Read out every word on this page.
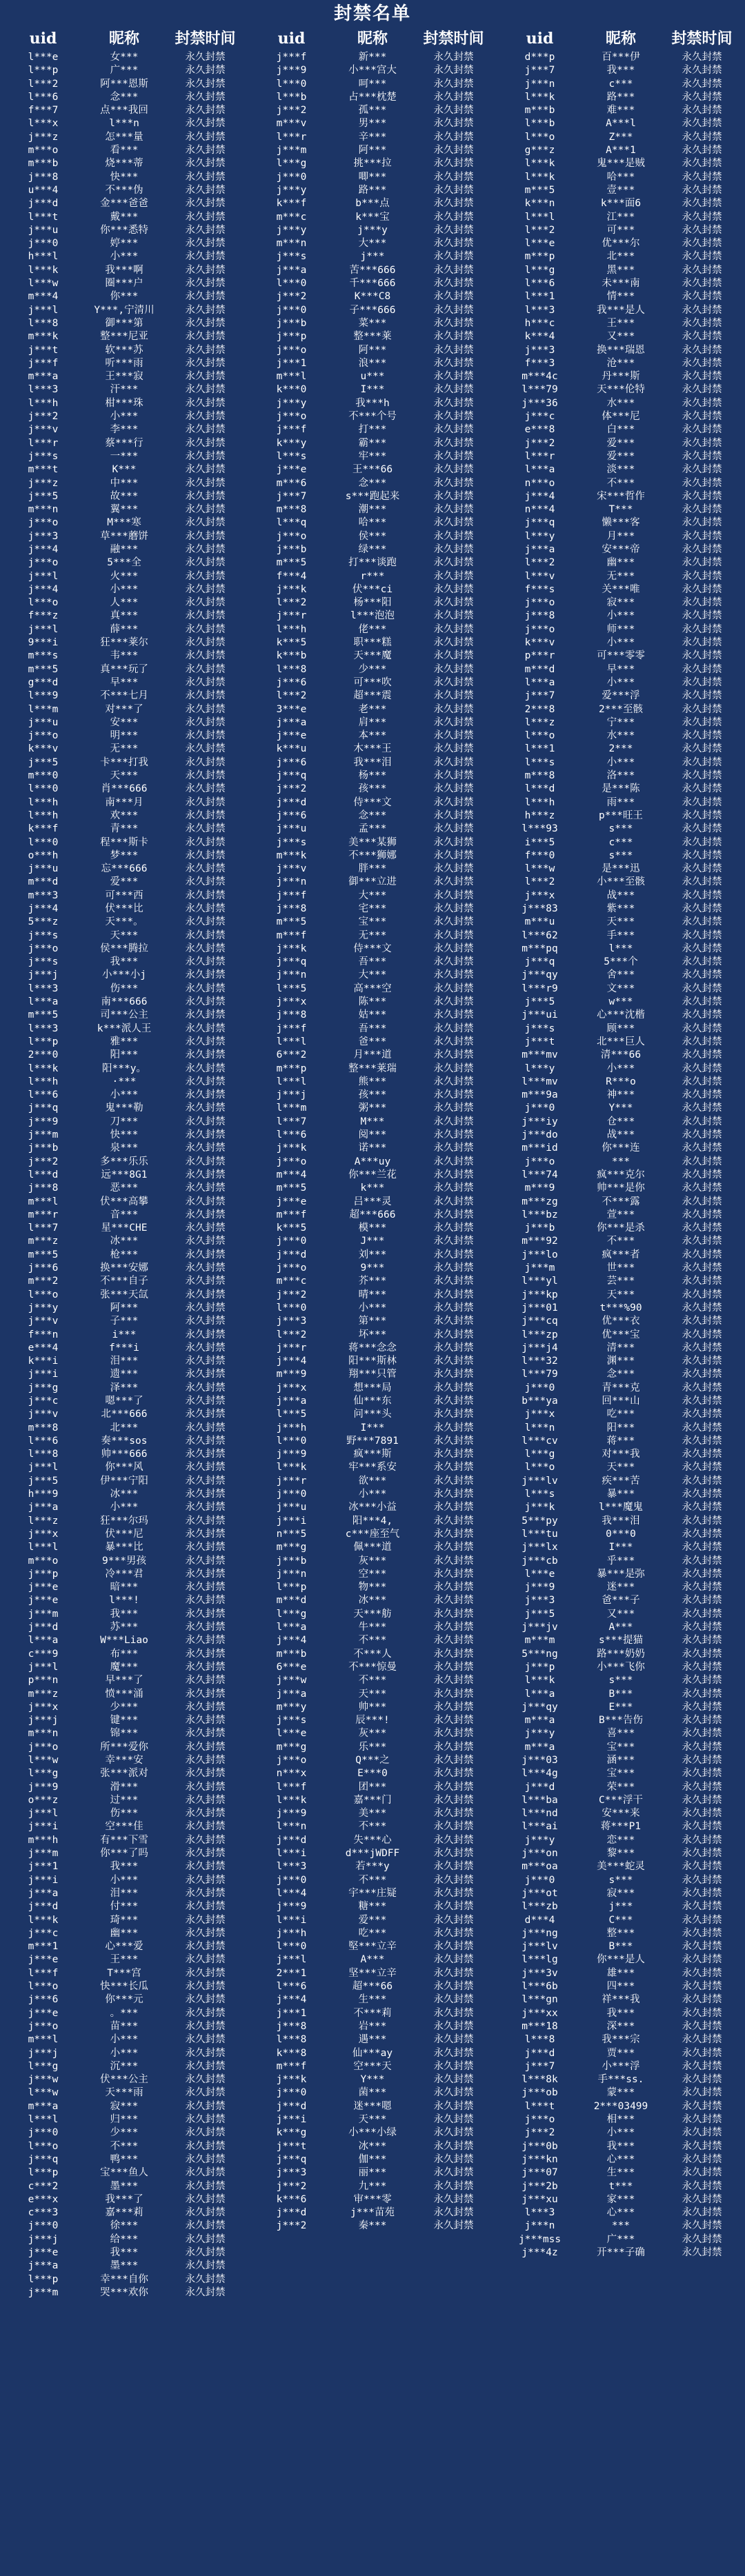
封禁名单
uid	昵称	封禁时间
l***e	女***	永久封禁
l***p	广***	永久封禁
l***2	阿***恩斯	永久封禁
l***6	念***	永久封禁
f***7	点***我回	永久封禁
l***x	l***n	永久封禁
j***z	怎***量	永久封禁
m***o	看***	永久封禁
m***b	烧***蒂	永久封禁
j***8	快***	永久封禁
u***4	不***伪	永久封禁
j***d	金***爸爸	永久封禁
l***t	戴***	永久封禁
j***u	你***悉特	永久封禁
j***0	婷***	永久封禁
h***l	小***	永久封禁
l***k	我***啊	永久封禁
l***w	圈***户	永久封禁
m***4	你***	永久封禁
j***l	Y***,宁清川	永久封禁
l***8	御***第	永久封禁
m***k	整***尼亚	永久封禁
j***t	软***苏	永久封禁
j***f	听***雨	永久封禁
m***a	王***寂	永久封禁
l***3	汗***	永久封禁
l***h	柑***珠	永久封禁
j***2	小***	永久封禁
j***v	李***	永久封禁
l***r	蔡***行	永久封禁
j***s	一***	永久封禁
m***t	K***	永久封禁
j***z	中***	永久封禁
j***5	故***	永久封禁
m***n	翼***	永久封禁
j***o	M***寒	永久封禁
j***3	草***蘑饼	永久封禁
j***4	融***	永久封禁
j***o	5***全	永久封禁
j***l	火***	永久封禁
j***4	小***	永久封禁
l***o	人***	永久封禁
f***z	真***	永久封禁
j***l	薛***	永久封禁
9***i	狂***莱尔	永久封禁
m***s	韦***	永久封禁
m***5	真***玩了	永久封禁
g***d	早***	永久封禁
l***9	不***七月	永久封禁
l***m	对***了	永久封禁
j***u	安***	永久封禁
j***o	明***	永久封禁
k***v	无***	永久封禁
j***5	卡***打我	永久封禁
m***0	天***	永久封禁
l***0	肖***666	永久封禁
l***h	南***月	永久封禁
l***h	欢***	永久封禁
k***f	青***	永久封禁
l***0	程***斯卡	永久封禁
o***h	梦***	永久封禁
j***u	忘***666	永久封禁
m***d	爱***	永久封禁
m***3	可***西	永久封禁
j***4	伏***比	永久封禁
5***z	天***。	永久封禁
j***s	天***	永久封禁
j***o	侯***腾拉	永久封禁
j***s	我***	永久封禁
j***j	小***小j	永久封禁
l***3	伤***	永久封禁
l***a	南***666	永久封禁
m***5	司***公主	永久封禁
l***3	k***派人王	永久封禁
l***p	雅***	永久封禁
2***0	阳***	永久封禁
l***k	阳***y。	永久封禁
l***h	·***	永久封禁
l***6	小***	永久封禁
j***q	鬼***勒	永久封禁
j***9	刀***	永久封禁
j***m	快***	永久封禁
j***b	泉***	永久封禁
j***2	多***乐乐	永久封禁
l***d	远***8G1	永久封禁
j***8	恶***	永久封禁
m***l	伏***高攀	永久封禁
m***r	音***	永久封禁
l***7	星***CHE	永久封禁
m***z	冰***	永久封禁
m***5	枪***	永久封禁
j***6	换***安娜	永久封禁
m***2	不***自子	永久封禁
l***o	张***天氙	永久封禁
j***y	阿***	永久封禁
j***v	子***	永久封禁
f***n	i***	永久封禁
e***4	f***i	永久封禁
k***i	泪***	永久封禁
j***i	遗***	永久封禁
j***g	泽***	永久封禁
j***c	嗯***了	永久封禁
j***v	北***666	永久封禁
m***8	北***	永久封禁
l***6	奏***sos	永久封禁
l***8	帅***666	永久封禁
j***l	你***风	永久封禁
j***5	伊***宁阳	永久封禁
h***9	冰***	永久封禁
j***a	小***	永久封禁
l***z	狂***尔玛	永久封禁
j***x	伏***尼	永久封禁
l***l	暴***比	永久封禁
m***o	9***男孩	永久封禁
j***p	冷***君	永久封禁
j***e	暗***	永久封禁
j***e	l***!	永久封禁
j***m	我***	永久封禁
j***d	苏***	永久封禁
l***a	W***Liao	永久封禁
c***9	布***	永久封禁
j***l	魔***	永久封禁
p***n	早***了	永久封禁
m***z	愤***涌	永久封禁
j***x	少***	永久封禁
j***j	键***	永久封禁
m***n	锦***	永久封禁
j***o	所***爱你	永久封禁
l***w	幸***安	永久封禁
l***g	张***派对	永久封禁
j***9	滑***	永久封禁
o***z	过***	永久封禁
j***l	伤***	永久封禁
j***i	空***佳	永久封禁
m***h	有***下雪	永久封禁
j***m	你***了吗	永久封禁
j***1	我***	永久封禁
j***i	小***	永久封禁
j***a	泪***	永久封禁
j***d	付***	永久封禁
l***k	琦***	永久封禁
j***c	幽***	永久封禁
m***1	心***爱	永久封禁
j***e	王***	永久封禁
l***f	T***宫	永久封禁
l***o	快***长瓜	永久封禁
j***6	你***元	永久封禁
j***e	。***	永久封禁
j***o	苗***	永久封禁
m***l	小***	永久封禁
j***j	小***	永久封禁
l***g	沉***	永久封禁
j***w	伏***公主	永久封禁
l***w	天***雨	永久封禁
m***a	寂***	永久封禁
l***l	归***	永久封禁
j***0	少***	永久封禁
l***o	不***	永久封禁
j***q	鸭***	永久封禁
l***p	宝***鱼人	永久封禁
c***2	墨***	永久封禁
e***x	我***了	永久封禁
c***3	嘉***莉	永久封禁
j***0	徐***	永久封禁
j***j	给***	永久封禁
j***e	我***	永久封禁
j***a	墨***	永久封禁
l***p	幸***自你	永久封禁
j***m	哭***欢你	永久封禁
uid	昵称	封禁时间
j***f	新***	永久封禁
j***9	小***宫大	永久封禁
l***0	呵***	永久封禁
l***b	占***枕楚	永久封禁
j***2	孤***	永久封禁
m***v	男***	永久封禁
l***r	辛***	永久封禁
j***m	阿***	永久封禁
l***g	挑***拉	永久封禁
j***0	唧***	永久封禁
j***y	路***	永久封禁
k***f	b***点	永久封禁
m***c	k***宝	永久封禁
j***y	j***y	永久封禁
m***n	大***	永久封禁
j***s	j***	永久封禁
j***a	苦***666	永久封禁
l***0	千***666	永久封禁
j***2	K***C8	永久封禁
j***0	子***666	永久封禁
j***b	菜***	永久封禁
j***p	整***莱	永久封禁
j***o	阿***	永久封禁
j***1	浪***	永久封禁
m***l	u***	永久封禁
k***0	I***	永久封禁
j***y	我***h	永久封禁
j***o	不***个号	永久封禁
j***f	打***	永久封禁
k***y	霸***	永久封禁
l***s	牢***	永久封禁
j***e	王***66	永久封禁
m***6	念***	永久封禁
j***7	s***跑起来	永久封禁
m***8	潮***	永久封禁
l***q	哈***	永久封禁
j***o	侯***	永久封禁
j***b	绿***	永久封禁
m***5	打***谈跑	永久封禁
f***4	r***	永久封禁
j***k	伏***ci	永久封禁
l***2	杨***阳	永久封禁
j***r	l***泡泡	永久封禁
l***h	佬***	永久封禁
k***5	职***糕	永久封禁
k***b	天***魔	永久封禁
l***8	少***	永久封禁
j***6	可***吹	永久封禁
l***2	超***震	永久封禁
3***e	老***	永久封禁
j***a	肩***	永久封禁
j***e	本***	永久封禁
k***u	木***王	永久封禁
j***6	我***泪	永久封禁
j***q	杨***	永久封禁
j***2	孩***	永久封禁
j***d	侍***文	永久封禁
j***6	念***	永久封禁
j***u	孟***	永久封禁
j***s	美***某狮	永久封禁
m***k	不***狮娜	永久封禁
j***v	胖***	永久封禁
j***n	御***立进	永久封禁
j***f	大***	永久封禁
j***8	宅***	永久封禁
m***5	宝***	永久封禁
m***f	无***	永久封禁
j***k	侍***文	永久封禁
j***q	吾***	永久封禁
j***n	大***	永久封禁
l***5	高***空	永久封禁
j***x	陈***	永久封禁
j***8	姑***	永久封禁
j***f	吾***	永久封禁
l***l	爸***	永久封禁
6***2	月***道	永久封禁
m***p	整***莱瑞	永久封禁
l***l	熊***	永久封禁
j***j	孩***	永久封禁
l***m	粥***	永久封禁
l***7	M***	永久封禁
l***6	阅***	永久封禁
j***k	诺***	永久封禁
j***o	A***uy	永久封禁
m***4	你***兰花	永久封禁
m***5	k***	永久封禁
j***e	吕***灵	永久封禁
m***f	超***666	永久封禁
k***5	模***	永久封禁
j***0	J***	永久封禁
j***d	刘***	永久封禁
j***o	9***	永久封禁
m***c	芥***	永久封禁
j***2	晴***	永久封禁
l***0	小***	永久封禁
j***3	第***	永久封禁
l***2	坏***	永久封禁
j***r	蒋***念念	永久封禁
j***4	阳***斯林	永久封禁
m***9	翔***只管	永久封禁
j***x	想***局	永久封禁
j***a	仙***东	永久封禁
l***5	问***头	永久封禁
j***h	I***	永久封禁
l***0	野***7891	永久封禁
j***9	疯***斯	永久封禁
l***k	牢***系安	永久封禁
j***r	欲***	永久封禁
j***0	小***	永久封禁
j***u	冰***小益	永久封禁
j***i	阳***4,	永久封禁
n***5	c***座至气	永久封禁
m***g	佩***道	永久封禁
j***b	灰***	永久封禁
j***n	空***	永久封禁
l***p	物***	永久封禁
m***d	冰***	永久封禁
l***g	天***舫	永久封禁
l***a	牛***	永久封禁
j***4	不***	永久封禁
m***b	不***人	永久封禁
6***e	不***惊曼	永久封禁
j***w	不***	永久封禁
j***a	天***	永久封禁
m***y	帅***	永久封禁
j***s	辰***!	永久封禁
l***e	灰***	永久封禁
m***g	乐***	永久封禁
j***o	Q***之	永久封禁
n***x	E***0	永久封禁
l***f	团***	永久封禁
l***k	嘉***门	永久封禁
j***9	美***	永久封禁
l***n	不***	永久封禁
j***d	失***心	永久封禁
l***i	d***jWDFF	永久封禁
l***3	若***y	永久封禁
j***0	不***	永久封禁
l***4	宇***庄疑	永久封禁
j***9	糖***	永久封禁
l***i	爱***	永久封禁
j***h	吃***	永久封禁
l***0	堅***立辛	永久封禁
j***l	A***	永久封禁
2***1	坚***立辛	永久封禁
l***6	超***66	永久封禁
j***4	生***	永久封禁
j***1	不***莉	永久封禁
j***8	岩***	永久封禁
l***8	遇***	永久封禁
k***8	仙***ay	永久封禁
m***f	空***天	永久封禁
j***k	Y***	永久封禁
j***0	菌***	永久封禁
j***d	迷***嗯	永久封禁
j***i	天***	永久封禁
k***g	小***小绿	永久封禁
j***t	冰***	永久封禁
j***q	伽***	永久封禁
j***3	丽***	永久封禁
j***2	九***	永久封禁
k***6	审***零	永久封禁
j***d	j***苗苑	永久封禁
j***2	秦***	永久封禁
uid	昵称	封禁时间
d***p	百***伊	永久封禁
j***7	我***	永久封禁
j***n	c***	永久封禁
l***k	路***	永久封禁
m***b	难***	永久封禁
l***b	A***l	永久封禁
l***o	Z***	永久封禁
g***z	A***1	永久封禁
l***k	鬼***是贼	永久封禁
l***k	哈***	永久封禁
m***5	壹***	永久封禁
k***n	k***面6	永久封禁
l***l	江***	永久封禁
l***2	可***	永久封禁
l***e	优***尔	永久封禁
m***p	北***	永久封禁
l***g	黑***	永久封禁
l***6	未***南	永久封禁
l***1	情***	永久封禁
l***3	我***是人	永久封禁
h***c	王***	永久封禁
k***4	又***	永久封禁
j***3	换***瑞恩	永久封禁
f***3	沧***	永久封禁
m***4c	丹***斯	永久封禁
l***79	天***伦特	永久封禁
j***36	水***	永久封禁
j***c	体***尼	永久封禁
e***8	白***	永久封禁
j***2	爱***	永久封禁
l***r	爱***	永久封禁
l***a	淡***	永久封禁
n***o	不***	永久封禁
j***4	宋***哲作	永久封禁
n***4	T***	永久封禁
j***q	懒***客	永久封禁
l***y	月***	永久封禁
j***a	安***帝	永久封禁
l***2	幽***	永久封禁
l***v	无***	永久封禁
f***s	关***唯	永久封禁
j***o	寂***	永久封禁
j***8	小***	永久封禁
j***o	师***	永久封禁
k***v	小***	永久封禁
p***r	可***零零	永久封禁
m***d	早***	永久封禁
l***a	小***	永久封禁
j***7	爱***浮	永久封禁
2***8	2***至骸	永久封禁
l***z	宁***	永久封禁
l***o	水***	永久封禁
l***1	2***	永久封禁
l***s	小***	永久封禁
m***8	洛***	永久封禁
l***d	是***陈	永久封禁
l***h	雨***	永久封禁
h***z	p***旺王	永久封禁
l***93	s***	永久封禁
i***5	c***	永久封禁
f***0	s***	永久封禁
l***w	是***迅	永久封禁
l***2	小***至骸	永久封禁
j***x	战***	永久封禁
j***83	紫***	永久封禁
m***u	天***	永久封禁
l***62	手***	永久封禁
m***pq	l***	永久封禁
j***q	5***个	永久封禁
j***qy	舍***	永久封禁
l***r9	文***	永久封禁
j***5	w***	永久封禁
j***ui	心***沈楷	永久封禁
j***s	顾***	永久封禁
j***t	北***巨人	永久封禁
m***mv	清***66	永久封禁
l***y	小***	永久封禁
l***mv	R***o	永久封禁
m***9a	神***	永久封禁
j***0	Y***	永久封禁
j***iy	仓***	永久封禁
j***do	战***	永久封禁
m***id	你***连	永久封禁
j***o	***	永久封禁
l***74	疯***克尔	永久封禁
m***9	帅***是你	永久封禁
m***zg	不***露	永久封禁
l***bz	萱***	永久封禁
j***b	你***是杀	永久封禁
m***92	不***	永久封禁
j***lo	疯***者	永久封禁
j***m	世***	永久封禁
l***yl	芸***	永久封禁
j***kp	天***	永久封禁
j***01	t***%90	永久封禁
j***cq	优***衣	永久封禁
l***zp	优***宝	永久封禁
j***j4	清***	永久封禁
l***32	渊***	永久封禁
l***79	念***	永久封禁
j***0	青***克	永久封禁
b***ya	回***山	永久封禁
j***x	吃***	永久封禁
l***n	阳***	永久封禁
l***cv	蒋***	永久封禁
l***g	对***我	永久封禁
l***o	天***	永久封禁
j***lv	疾***苦	永久封禁
l***s	暴***	永久封禁
j***k	l***魔鬼	永久封禁
5***py	我***泪	永久封禁
l***tu	0***0	永久封禁
j***lx	I***	永久封禁
j***cb	乎***	永久封禁
l***e	暴***是弥	永久封禁
j***9	迷***	永久封禁
j***3	爸***子	永久封禁
j***5	又***	永久封禁
j***jv	A***	永久封禁
m***m	s***提猫	永久封禁
5***ng	路***奶奶	永久封禁
j***p	小***飞你	永久封禁
l***k	s***	永久封禁
l***a	B***	永久封禁
j***qy	E***	永久封禁
m***a	B***告伤	永久封禁
j***y	喜***	永久封禁
m***a	宝***	永久封禁
j***03	涵***	永久封禁
l***4g	宝***	永久封禁
j***d	荣***	永久封禁
l***ba	C***浮干	永久封禁
l***nd	安***来	永久封禁
l***ai	蒋***P1	永久封禁
j***y	恋***	永久封禁
j***on	黎***	永久封禁
m***oa	美***蛇灵	永久封禁
j***0	s***	永久封禁
j***ot	寂***	永久封禁
l***zb	j***	永久封禁
d***4	C***	永久封禁
j***ng	整***	永久封禁
j***lv	B***	永久封禁
l***lg	你***是人	永久封禁
j***3v	雄***	永久封禁
l***6b	四***	永久封禁
l***gn	祥***我	永久封禁
j***xx	我***	永久封禁
m***18	深***	永久封禁
l***8	我***宗	永久封禁
j***d	贾***	永久封禁
j***7	小***浮	永久封禁
l***8k	手***ss.	永久封禁
j***ob	蒙***	永久封禁
l***t	2***03499	永久封禁
j***o	相***	永久封禁
j***2	小***	永久封禁
j***0b	我***	永久封禁
j***kn	心***	永久封禁
j***07	生***	永久封禁
j***2b	t***	永久封禁
j***xu	家***	永久封禁
l***3	心***	永久封禁
j***n	***	永久封禁
j***mss	广***	永久封禁
j***4z	开***子确	永久封禁
